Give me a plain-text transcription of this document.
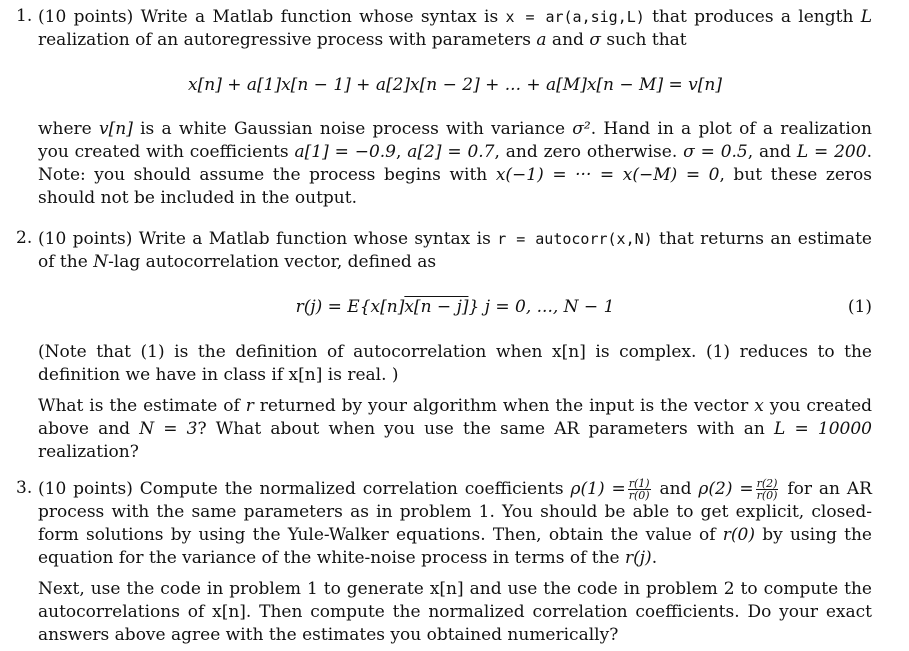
1. (10 points) Write a Matlab function whose syntax is x = ar(a,sig,L) that produces a length L realization of an autoregressive process with parameters a and σ such that

x[n] + a[1]x[n − 1] + a[2]x[n − 2] + ... + a[M]x[n − M] = v[n]

where v[n] is a white Gaussian noise process with variance σ². Hand in a plot of a realization you created with coefficients a[1] = −0.9, a[2] = 0.7, and zero otherwise. σ = 0.5, and L = 200. Note: you should assume the process begins with x(−1) = ··· = x(−M) = 0, but these zeros should not be included in the output.

2. (10 points) Write a Matlab function whose syntax is r = autocorr(x,N) that returns an estimate of the N-lag autocorrelation vector, defined as

r(j) = E{x[n]x[n − j]} j = 0, ..., N − 1	(1)

(Note that (1) is the definition of autocorrelation when x[n] is complex. (1) reduces to the definition we have in class if x[n] is real. )

What is the estimate of r returned by your algorithm when the input is the vector x you created above and N = 3? What about when you use the same AR parameters with an L = 10000 realization?

3. (10 points) Compute the normalized correlation coefficients $\rho(1) = \frac{r(1)}{r(0)}$ and $\rho(2) = \frac{r(2)}{r(0)}$ for an AR process with the same parameters as in problem 1. You should be able to get explicit, closed-form solutions by using the Yule-Walker equations. Then, obtain the value of r(0) by using the equation for the variance of the white-noise process in terms of the r(j).

Next, use the code in problem 1 to generate x[n] and use the code in problem 2 to compute the autocorrelations of x[n]. Then compute the normalized correlation coefficients. Do your exact answers above agree with the estimates you obtained numerically?
